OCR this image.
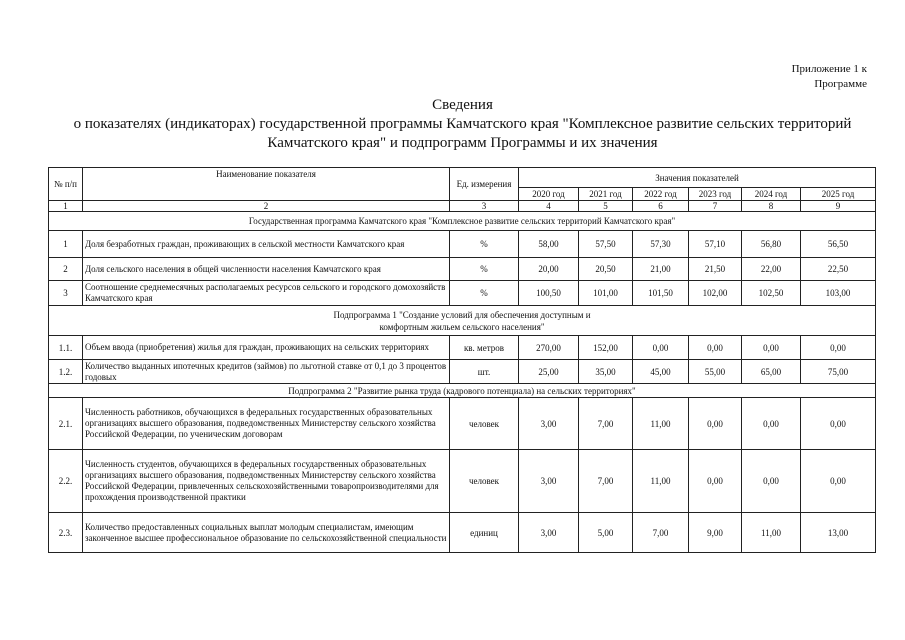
Приложение 1 к
Программе
Сведения
о показателях (индикаторах) государственной программы Камчатского края "Комплексное развитие сельских территорий
Камчатского края" и подпрограмм Программы и их значения
№ п/п	Наименование показателя	Ед. измерения	Значения показателей					
			2020 год	2021 год	2022 год	2023 год	2024 год	2025 год
1	2	3	4	5	6	7	8	9
Государственная программа Камчатского края "Комплексное развитие сельских территорий Камчатского края"								
1	Доля безработных граждан, проживающих в сельской местности Камчатского края	%	58,00	57,50	57,30	57,10	56,80	56,50
2	Доля сельского населения в общей численности населения Камчатского края	%	20,00	20,50	21,00	21,50	22,00	22,50
3	Соотношение среднемесячных располагаемых ресурсов сельского и городского домохозяйств Камчатского края	%	100,50	101,00	101,50	102,00	102,50	103,00

Подпрограмма 1 "Создание условий для обеспечения доступным и
комфортным жильем сельского населения"								

1.1.	Объем ввода (приобретения) жилья для граждан, проживающих на сельских территориях	кв. метров	270,00	152,00	0,00	0,00	0,00	0,00
1.2.	Количество выданных ипотечных кредитов (займов) по льготной ставке от 0,1 до 3 процентов годовых	шт.	25,00	35,00	45,00	55,00	65,00	75,00
Подпрограмма 2 "Развитие рынка труда (кадрового потенциала) на сельских территориях"								
2.1.	Численность работников, обучающихся в федеральных государственных образовательных организациях высшего образования, подведомственных Министерству сельского хозяйства Российской Федерации, по ученическим договорам	человек	3,00	7,00	11,00	0,00	0,00	0,00
2.2.	Численность студентов, обучающихся в федеральных государственных образовательных организациях высшего образования, подведомственных Министерству сельского хозяйства Российской Федерации, привлеченных сельскохозяйственными товаропроизводителями для прохождения производственной практики	человек	3,00	7,00	11,00	0,00	0,00	0,00
2.3.	Количество предоставленных социальных выплат молодым специалистам, имеющим законченное высшее профессиональное образование по сельскохозяйственной специальности	единиц	3,00	5,00	7,00	9,00	11,00	13,00
